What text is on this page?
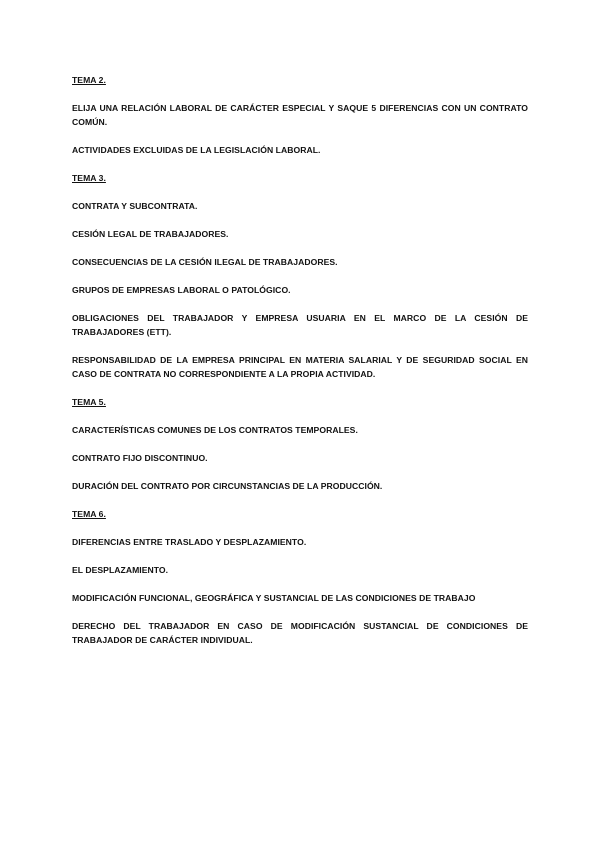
TEMA 2.
ELIJA UNA RELACIÓN LABORAL DE CARÁCTER ESPECIAL Y SAQUE 5 DIFERENCIAS CON UN CONTRATO COMÚN.
ACTIVIDADES EXCLUIDAS DE LA LEGISLACIÓN LABORAL.
TEMA 3.
CONTRATA Y SUBCONTRATA.
CESIÓN LEGAL DE TRABAJADORES.
CONSECUENCIAS DE LA CESIÓN ILEGAL DE TRABAJADORES.
GRUPOS DE EMPRESAS LABORAL O PATOLÓGICO.
OBLIGACIONES DEL TRABAJADOR Y EMPRESA USUARIA EN EL MARCO DE LA CESIÓN DE TRABAJADORES (ETT).
RESPONSABILIDAD DE LA EMPRESA PRINCIPAL EN MATERIA SALARIAL Y DE SEGURIDAD SOCIAL EN CASO DE CONTRATA NO CORRESPONDIENTE A LA PROPIA ACTIVIDAD.
TEMA 5.
CARACTERÍSTICAS COMUNES DE LOS CONTRATOS TEMPORALES.
CONTRATO FIJO DISCONTINUO.
DURACIÓN DEL CONTRATO POR CIRCUNSTANCIAS DE LA PRODUCCIÓN.
TEMA 6.
DIFERENCIAS ENTRE TRASLADO Y DESPLAZAMIENTO.
EL DESPLAZAMIENTO.
MODIFICACIÓN FUNCIONAL, GEOGRÁFICA Y SUSTANCIAL DE LAS CONDICIONES DE TRABAJO
DERECHO DEL TRABAJADOR EN CASO DE MODIFICACIÓN SUSTANCIAL DE CONDICIONES DE TRABAJADOR DE CARÁCTER INDIVIDUAL.
